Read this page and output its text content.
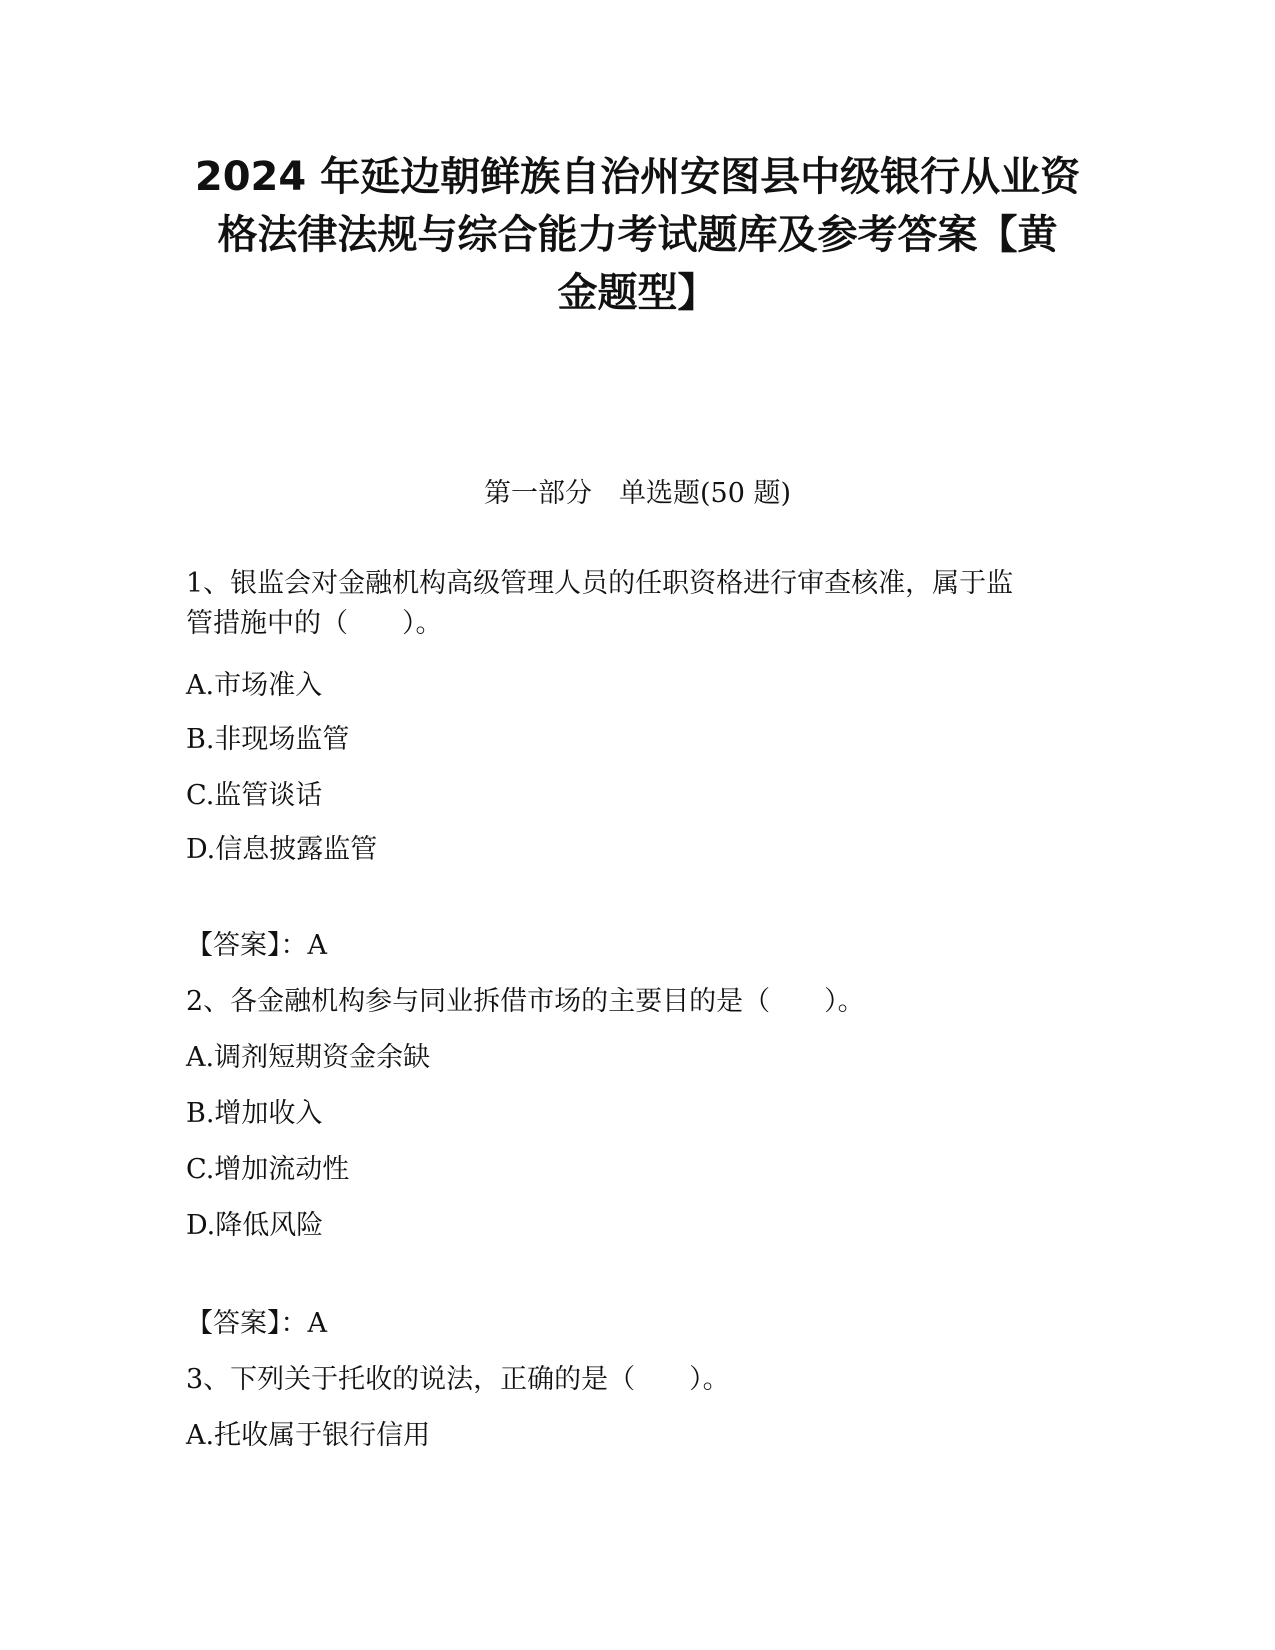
2024 年延边朝鲜族自治州安图县中级银行从业资
格法律法规与综合能力考试题库及参考答案【黄
金题型】
第一部分　单选题(50 题)
1、银监会对金融机构高级管理人员的任职资格进行审查核准，属于监
管措施中的（　　）。
A.市场准入
B.非现场监管
C.监管谈话
D.信息披露监管
【答案】：A
2、各金融机构参与同业拆借市场的主要目的是（　　）。
A.调剂短期资金余缺
B.增加收入
C.增加流动性
D.降低风险
【答案】：A
3、下列关于托收的说法，正确的是（　　）。
A.托收属于银行信用
